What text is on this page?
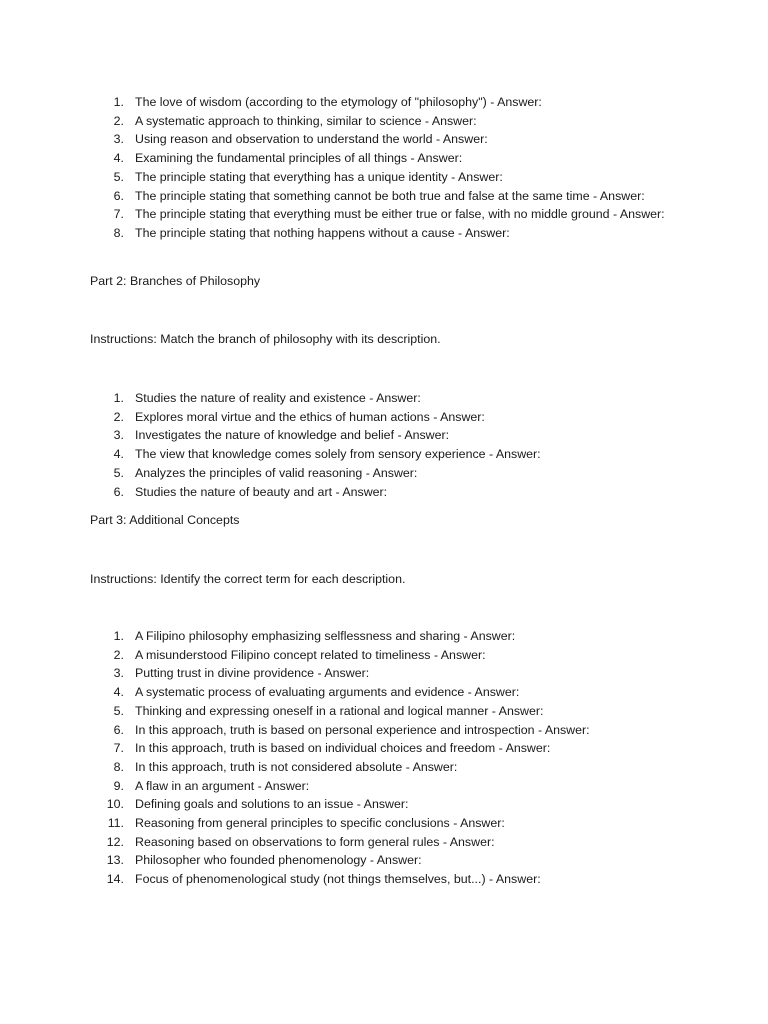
1. The love of wisdom (according to the etymology of "philosophy") - Answer:
2. A systematic approach to thinking, similar to science - Answer:
3. Using reason and observation to understand the world - Answer:
4. Examining the fundamental principles of all things - Answer:
5. The principle stating that everything has a unique identity - Answer:
6. The principle stating that something cannot be both true and false at the same time - Answer:
7. The principle stating that everything must be either true or false, with no middle ground - Answer:
8. The principle stating that nothing happens without a cause - Answer:

Part 2: Branches of Philosophy

Instructions: Match the branch of philosophy with its description.

1. Studies the nature of reality and existence - Answer:
2. Explores moral virtue and the ethics of human actions - Answer:
3. Investigates the nature of knowledge and belief - Answer:
4. The view that knowledge comes solely from sensory experience - Answer:
5. Analyzes the principles of valid reasoning - Answer:
6. Studies the nature of beauty and art - Answer:

Part 3: Additional Concepts

Instructions: Identify the correct term for each description.

1. A Filipino philosophy emphasizing selflessness and sharing - Answer:
2. A misunderstood Filipino concept related to timeliness - Answer:
3. Putting trust in divine providence - Answer:
4. A systematic process of evaluating arguments and evidence - Answer:
5. Thinking and expressing oneself in a rational and logical manner - Answer:
6. In this approach, truth is based on personal experience and introspection - Answer:
7. In this approach, truth is based on individual choices and freedom - Answer:
8. In this approach, truth is not considered absolute - Answer:
9. A flaw in an argument - Answer:
10. Defining goals and solutions to an issue - Answer:
11. Reasoning from general principles to specific conclusions - Answer:
12. Reasoning based on observations to form general rules - Answer:
13. Philosopher who founded phenomenology - Answer:
14. Focus of phenomenological study (not things themselves, but...) - Answer:
